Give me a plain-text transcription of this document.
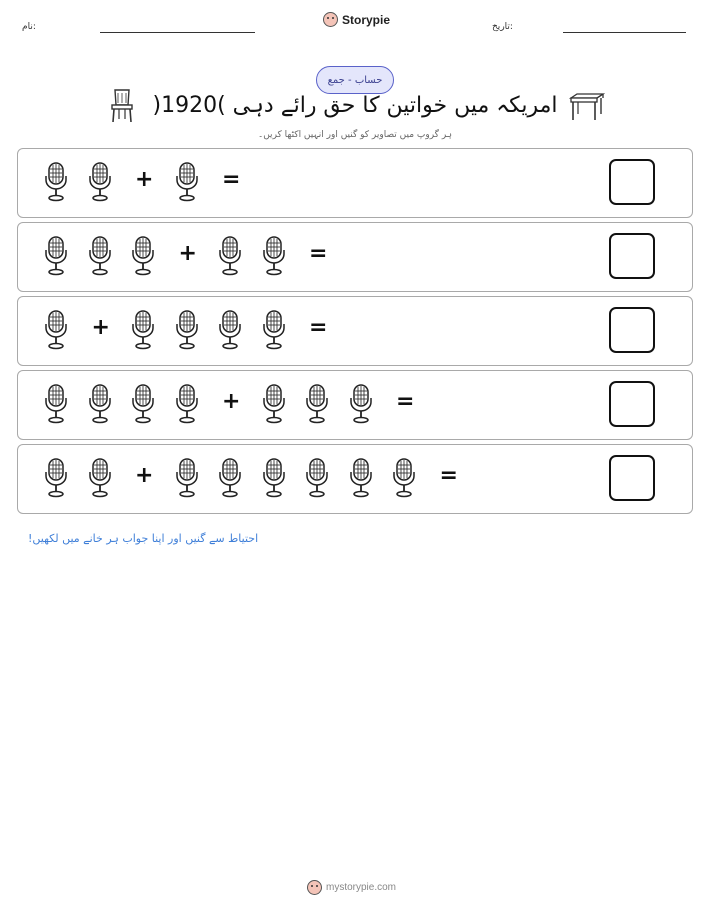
نام:
Storypie
تاریخ:
حساب - جمع
امریکہ میں خواتین کا حق رائے دہی )1920(
ہر گروپ میں تصاویر کو گنیں اور انہیں اکٹھا کریں۔
+	=
+	=
+	=
+	=
+	=
احتیاط سے گنیں اور اپنا جواب ہر خانے میں لکھیں!
mystorypie.com
